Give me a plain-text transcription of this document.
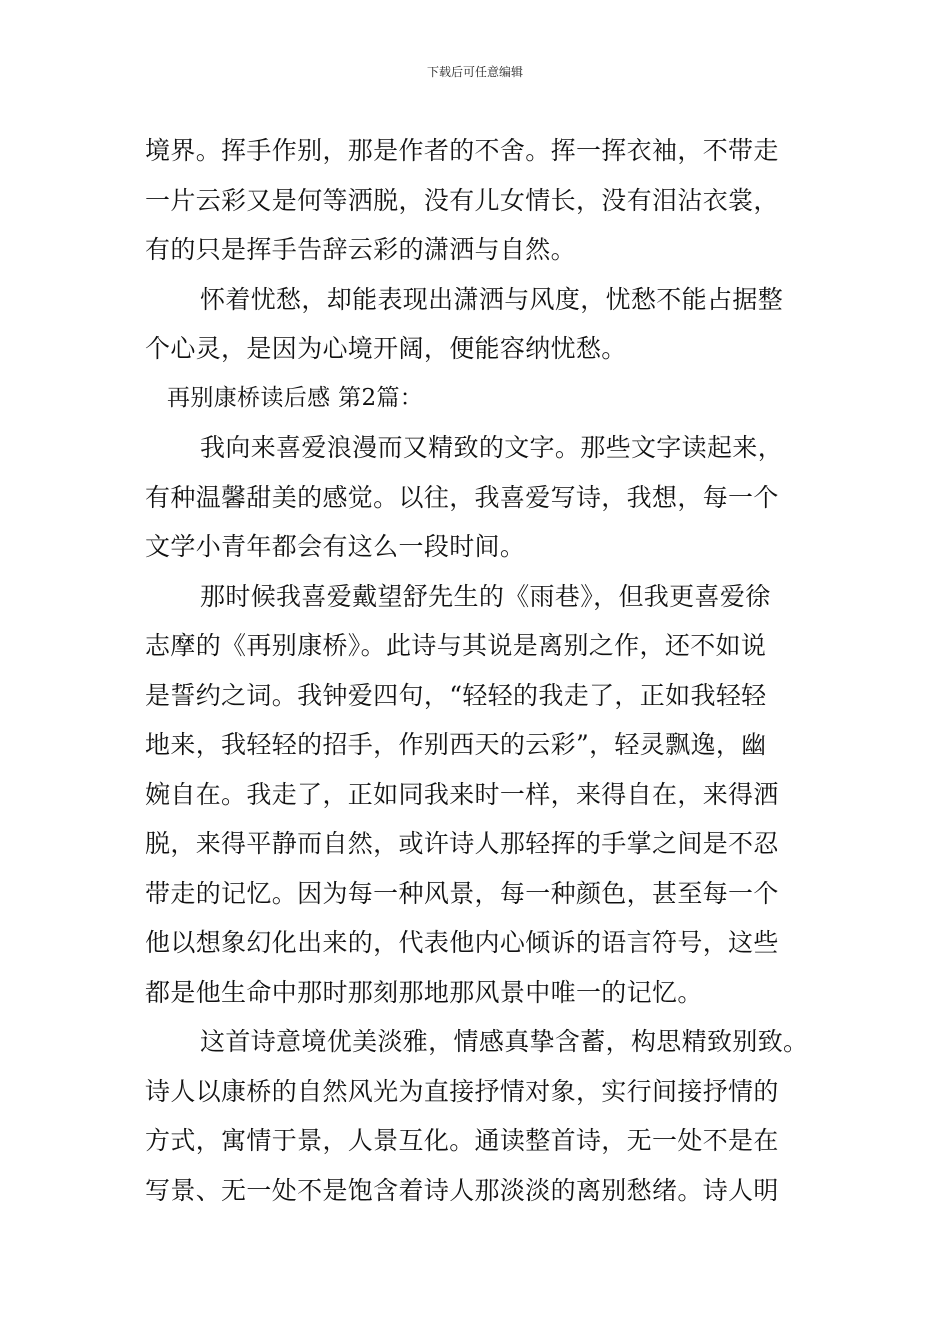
下载后可任意编辑
境界。挥手作别，那是作者的不舍。挥一挥衣袖，不带走
一片云彩又是何等洒脱，没有儿女情长，没有泪沾衣裳，
有的只是挥手告辞云彩的潇洒与自然。
怀着忧愁，却能表现出潇洒与风度，忧愁不能占据整
个心灵，是因为心境开阔，便能容纳忧愁。
再别康桥读后感 第2篇：
我向来喜爱浪漫而又精致的文字。那些文字读起来，
有种温馨甜美的感觉。以往，我喜爱写诗，我想，每一个
文学小青年都会有这么一段时间。
那时候我喜爱戴望舒先生的《雨巷》，但我更喜爱徐
志摩的《再别康桥》。此诗与其说是离别之作，还不如说
是誓约之词。我钟爱四句，“轻轻的我走了，正如我轻轻
地来，我轻轻的招手，作别西天的云彩”，轻灵飘逸，幽
婉自在。我走了，正如同我来时一样，来得自在，来得洒
脱，来得平静而自然，或许诗人那轻挥的手掌之间是不忍
带走的记忆。因为每一种风景，每一种颜色，甚至每一个
他以想象幻化出来的，代表他内心倾诉的语言符号，这些
都是他生命中那时那刻那地那风景中唯一的记忆。
这首诗意境优美淡雅，情感真挚含蓄，构思精致别致。
诗人以康桥的自然风光为直接抒情对象，实行间接抒情的
方式，寓情于景，人景互化。通读整首诗，无一处不是在
写景、无一处不是饱含着诗人那淡淡的离别愁绪。诗人明
